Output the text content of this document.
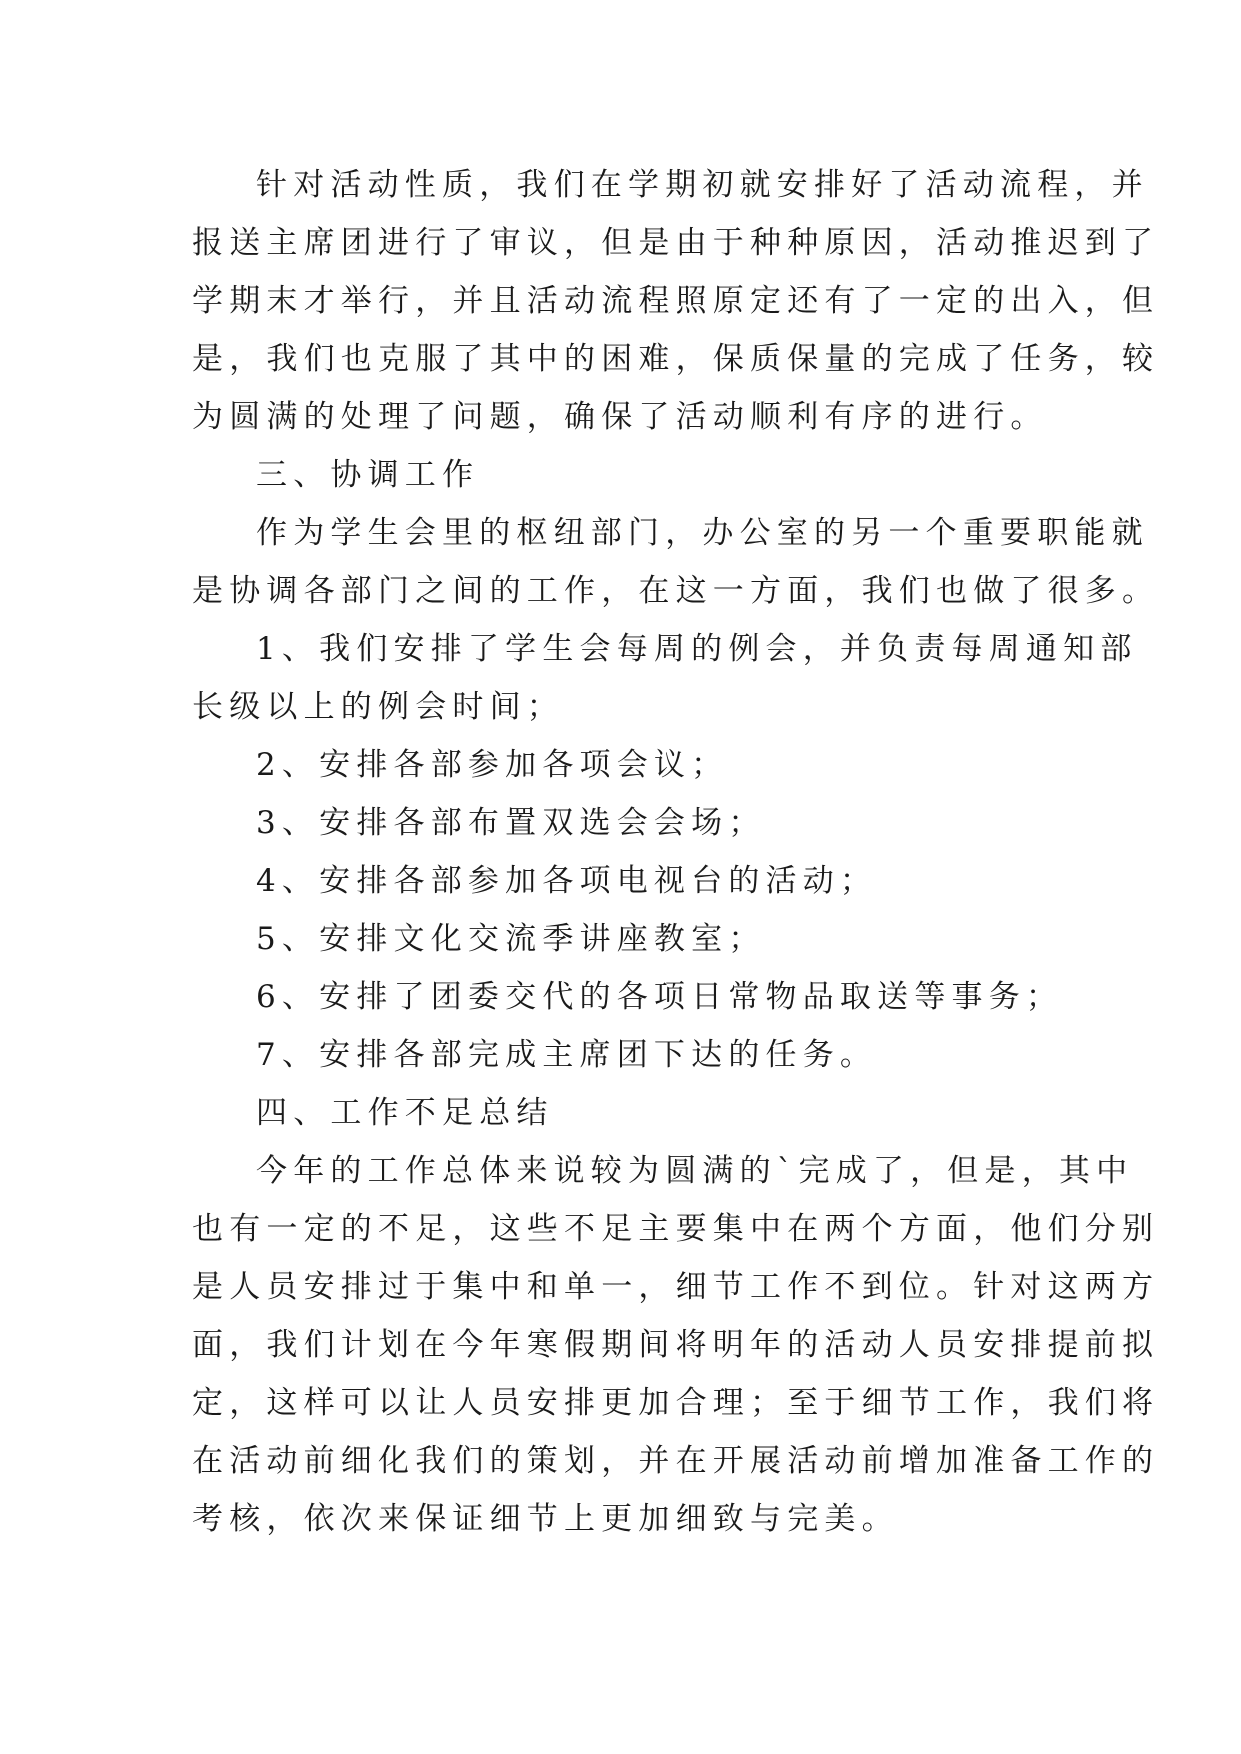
针对活动性质，我们在学期初就安排好了活动流程，并
报送主席团进行了审议，但是由于种种原因，活动推迟到了
学期末才举行，并且活动流程照原定还有了一定的出入，但
是，我们也克服了其中的困难，保质保量的完成了任务，较
为圆满的处理了问题，确保了活动顺利有序的进行。
三、协调工作
作为学生会里的枢纽部门，办公室的另一个重要职能就
是协调各部门之间的工作，在这一方面，我们也做了很多。
1、我们安排了学生会每周的例会，并负责每周通知部
长级以上的例会时间；
2、安排各部参加各项会议；
3、安排各部布置双选会会场；
4、安排各部参加各项电视台的活动；
5、安排文化交流季讲座教室；
6、安排了团委交代的各项日常物品取送等事务；
7、安排各部完成主席团下达的任务。
四、工作不足总结
今年的工作总体来说较为圆满的`完成了，但是，其中
也有一定的不足，这些不足主要集中在两个方面，他们分别
是人员安排过于集中和单一，细节工作不到位。针对这两方
面，我们计划在今年寒假期间将明年的活动人员安排提前拟
定，这样可以让人员安排更加合理；至于细节工作，我们将
在活动前细化我们的策划，并在开展活动前增加准备工作的
考核，依次来保证细节上更加细致与完美。
